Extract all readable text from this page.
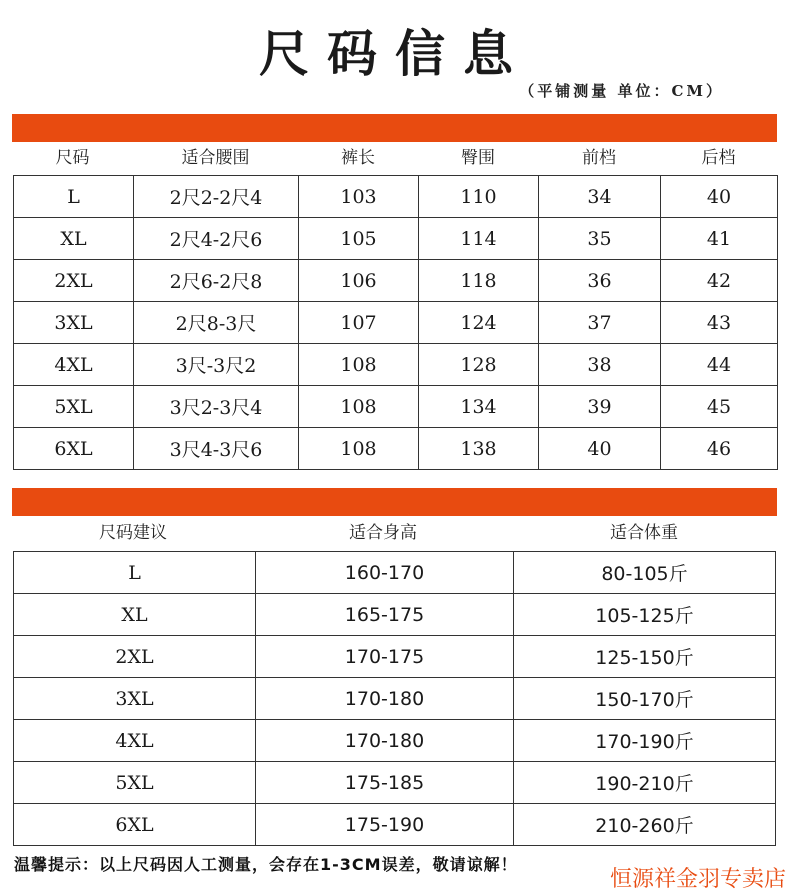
尺码信息
（平铺测量 单位：CM）
尺码	适合腰围	裤长	臀围	前档	后档
L	2尺2-2尺4	103	110	34	40
XL	2尺4-2尺6	105	114	35	41
2XL	2尺6-2尺8	106	118	36	42
3XL	2尺8-3尺	107	124	37	43
4XL	3尺-3尺2	108	128	38	44
5XL	3尺2-3尺4	108	134	39	45
6XL	3尺4-3尺6	108	138	40	46
尺码建议	适合身高	适合体重
L	160-170	80-105斤
XL	165-175	105-125斤
2XL	170-175	125-150斤
3XL	170-180	150-170斤
4XL	170-180	170-190斤
5XL	175-185	190-210斤
6XL	175-190	210-260斤
温馨提示：以上尺码因人工测量，会存在1-3CM误差，敬请谅解！
恒源祥金羽专卖店
